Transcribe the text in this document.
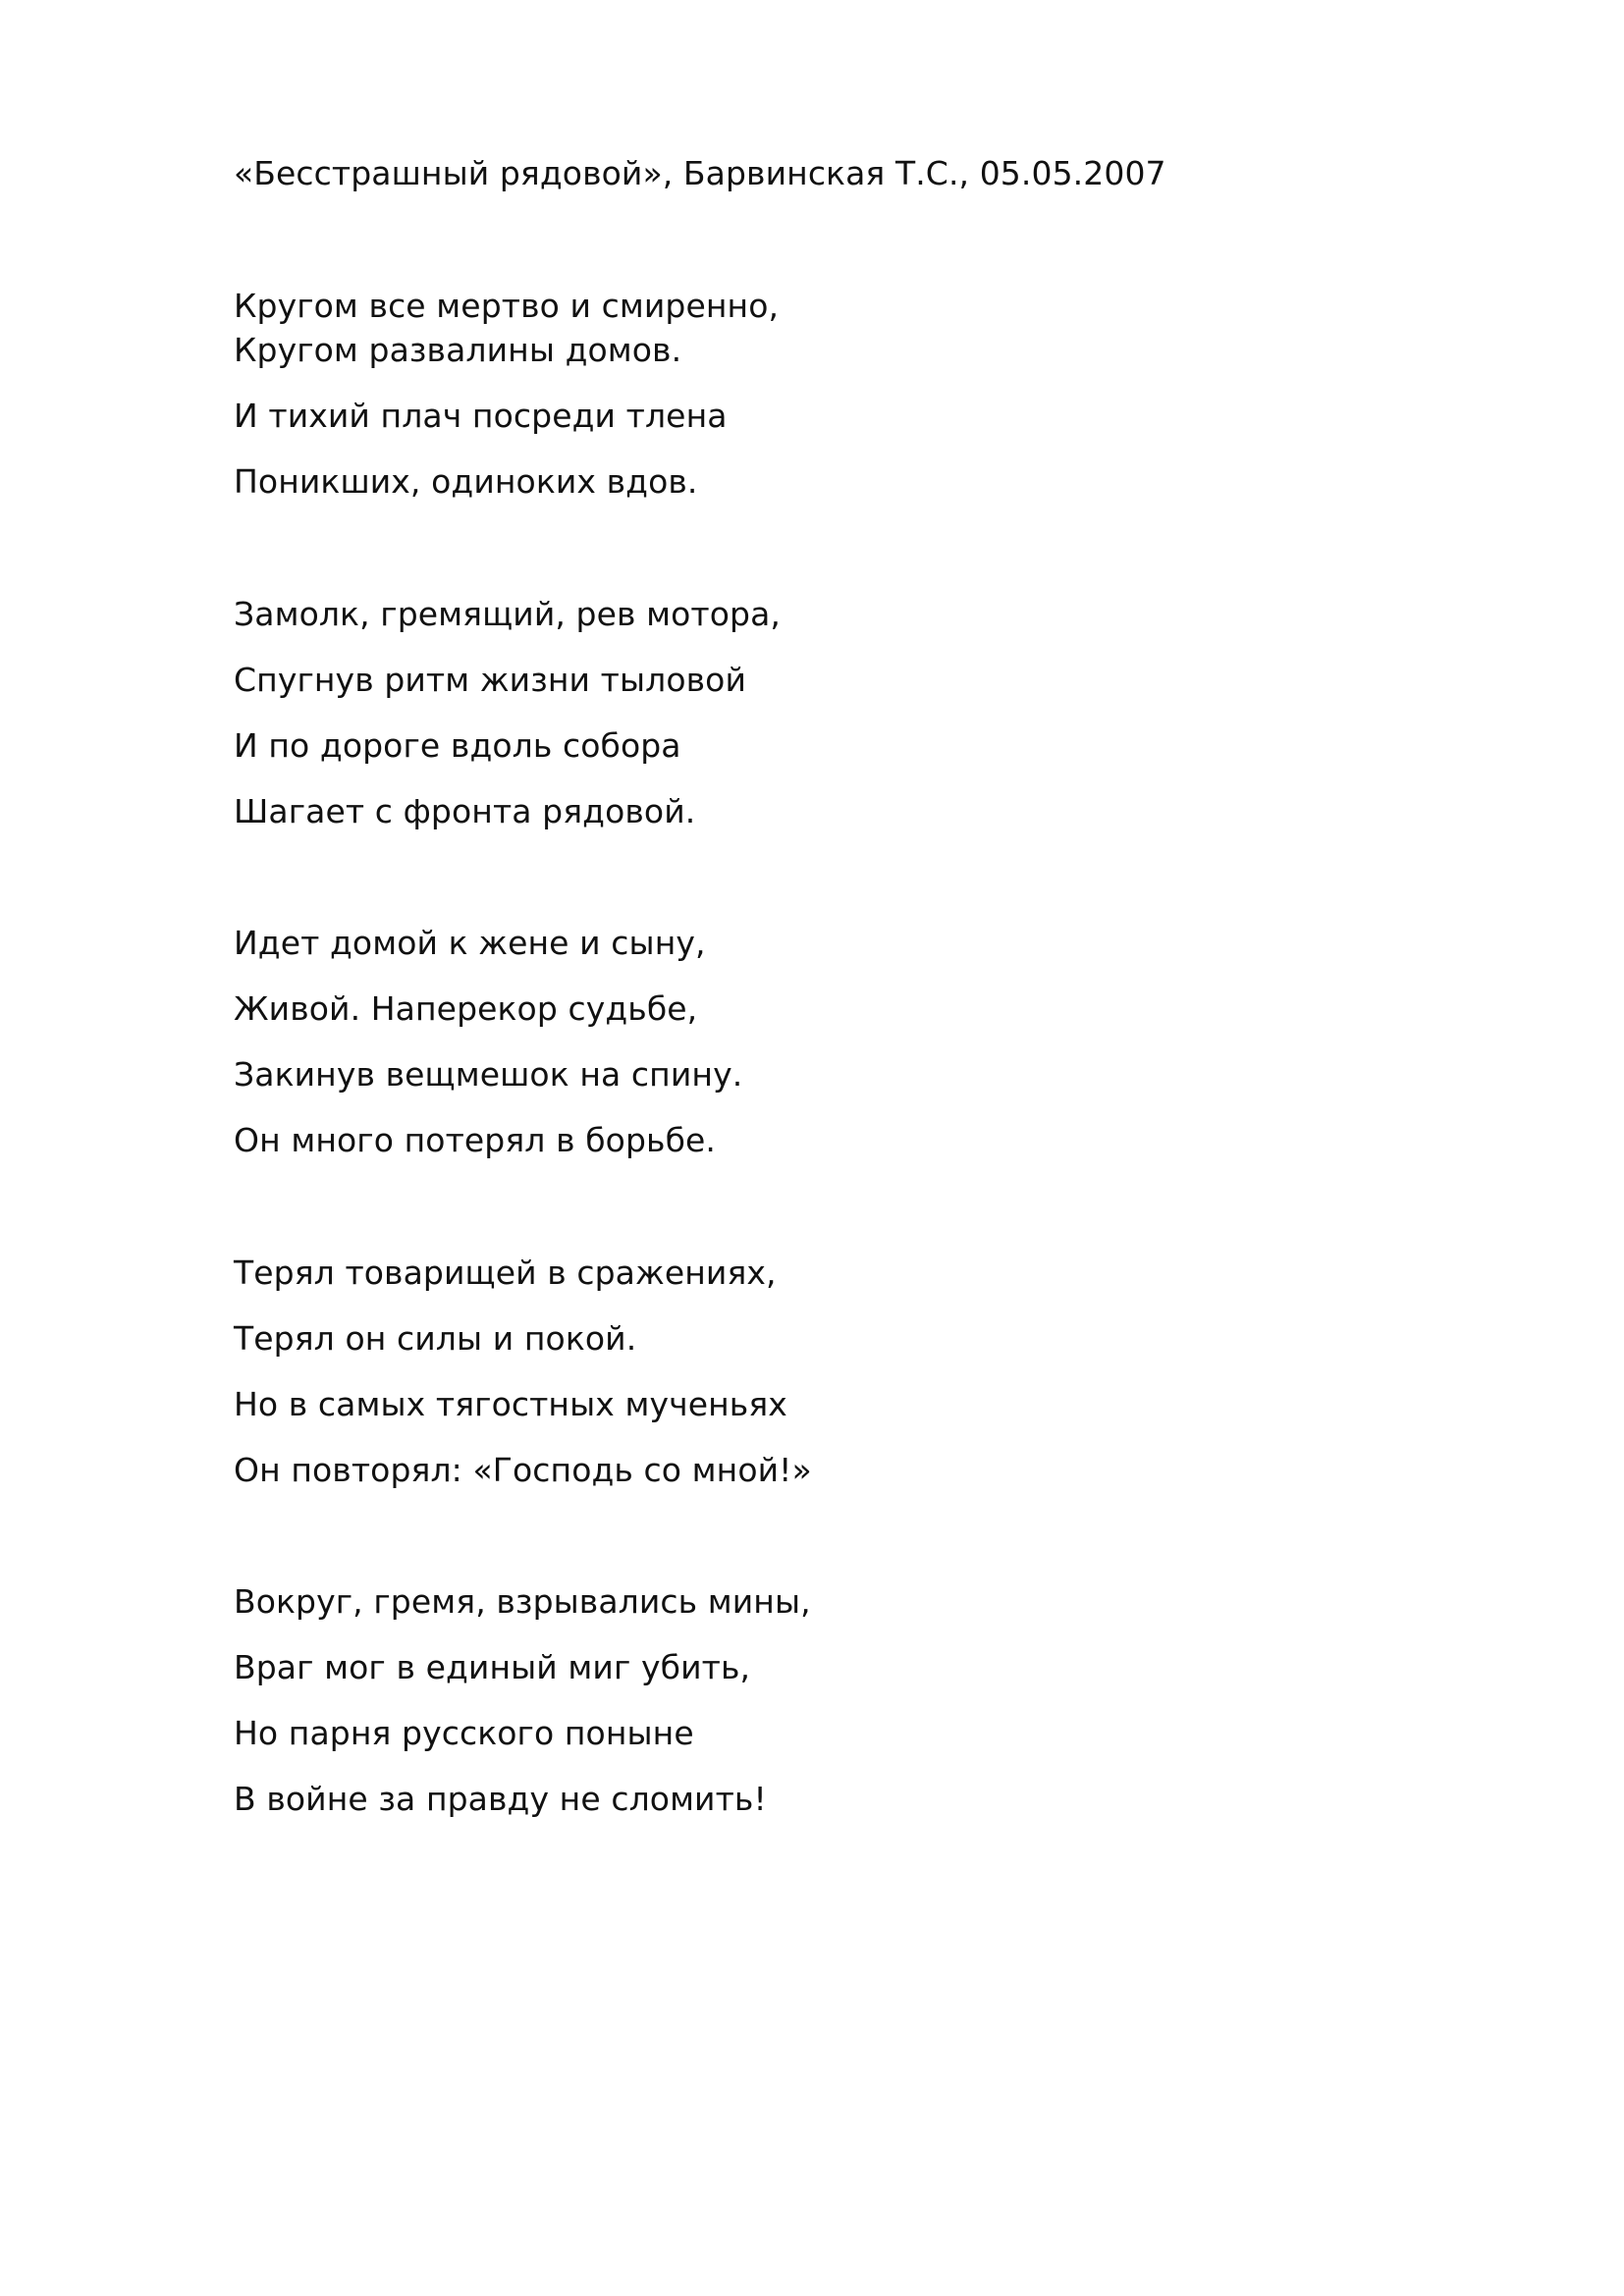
«Бесстрашный рядовой», Барвинская Т.С., 05.05.2007
Кругом все мертво и смиренно,
Кругом развалины домов.
И тихий плач посреди тлена
Поникших, одиноких вдов.
Замолк, гремящий, рев мотора,
Спугнув ритм жизни тыловой
И по дороге вдоль собора
Шагает с фронта рядовой.
Идет домой к жене и сыну,
Живой. Наперекор судьбе,
Закинув вещмешок на спину.
Он много потерял в борьбе.
Терял товарищей в сражениях,
Терял он силы и покой.
Но в самых тягостных мученьях
Он повторял: «Господь со мной!»
Вокруг, гремя, взрывались мины,
Враг мог в единый миг убить,
Но парня русского поныне
В войне за правду не сломить!
